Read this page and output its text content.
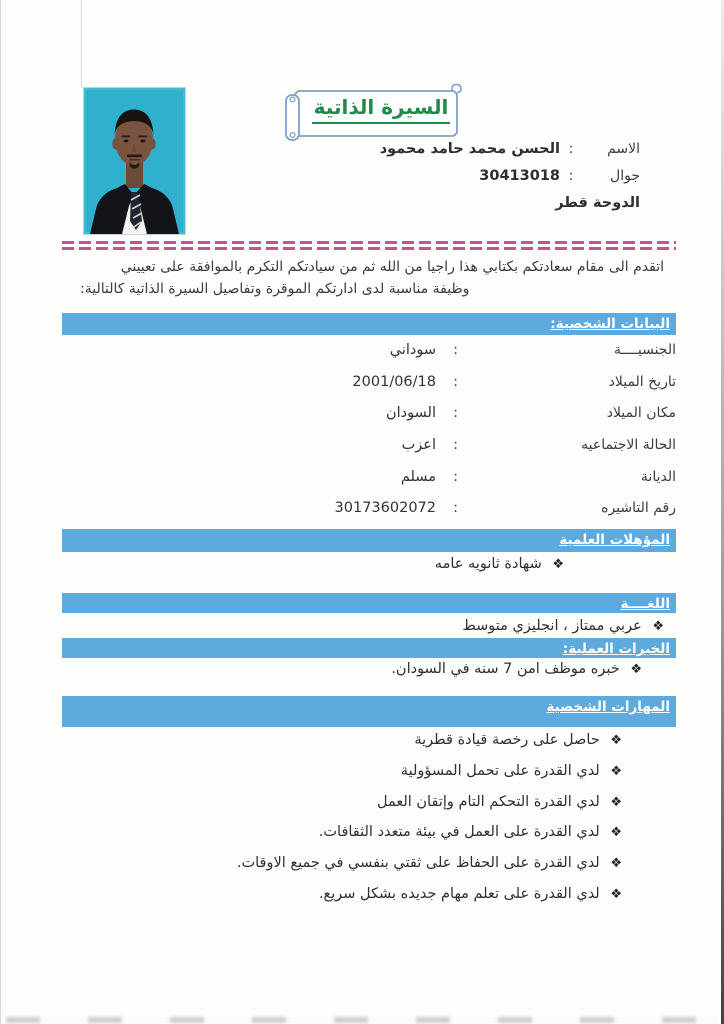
السيرة الذاتية
الاسم
:
الحسن محمد حامد محمود
جوال
:
30413018
الدوحة قطر
اتقدم الى مقام سعادتكم بكتابي هذا راجيا من الله ثم من سيادتكم التكرم بالموافقة على تعييني
وظيفة مناسبة لدى ادارتكم الموقرة وتفاصيل السيرة الذاتية كالتالية:
البيانات الشخصية:
الجنسيــــة
:
سوداني
تاريخ الميلاد
:
2001/06/18
مكان الميلاد
:
السودان
الحالة الاجتماعيه
:
اعزب
الديانة
:
مسلم
رقم التاشيره
:
30173602072
المؤهلات العلمية
❖ شهادة ثانويه عامه
اللغــــة
❖ عربي ممتاز ، انجليزي متوسط
الخبرات العملية:
❖ خبره موظف امن 7 سنه في السودان.
المهارات الشخصية
❖ حاصل على رخصة قيادة قطرية
❖ لدي القدرة على تحمل المسؤولية
❖ لدي القدرة التحكم التام وإتقان العمل
❖ لدي القدرة على العمل في بيئة متعدد الثقافات.
❖ لدي القدرة على الحفاظ على ثقتي بنفسي في جميع الاوقات.
❖ لدي القدرة على تعلم مهام جديده بشكل سريع.
